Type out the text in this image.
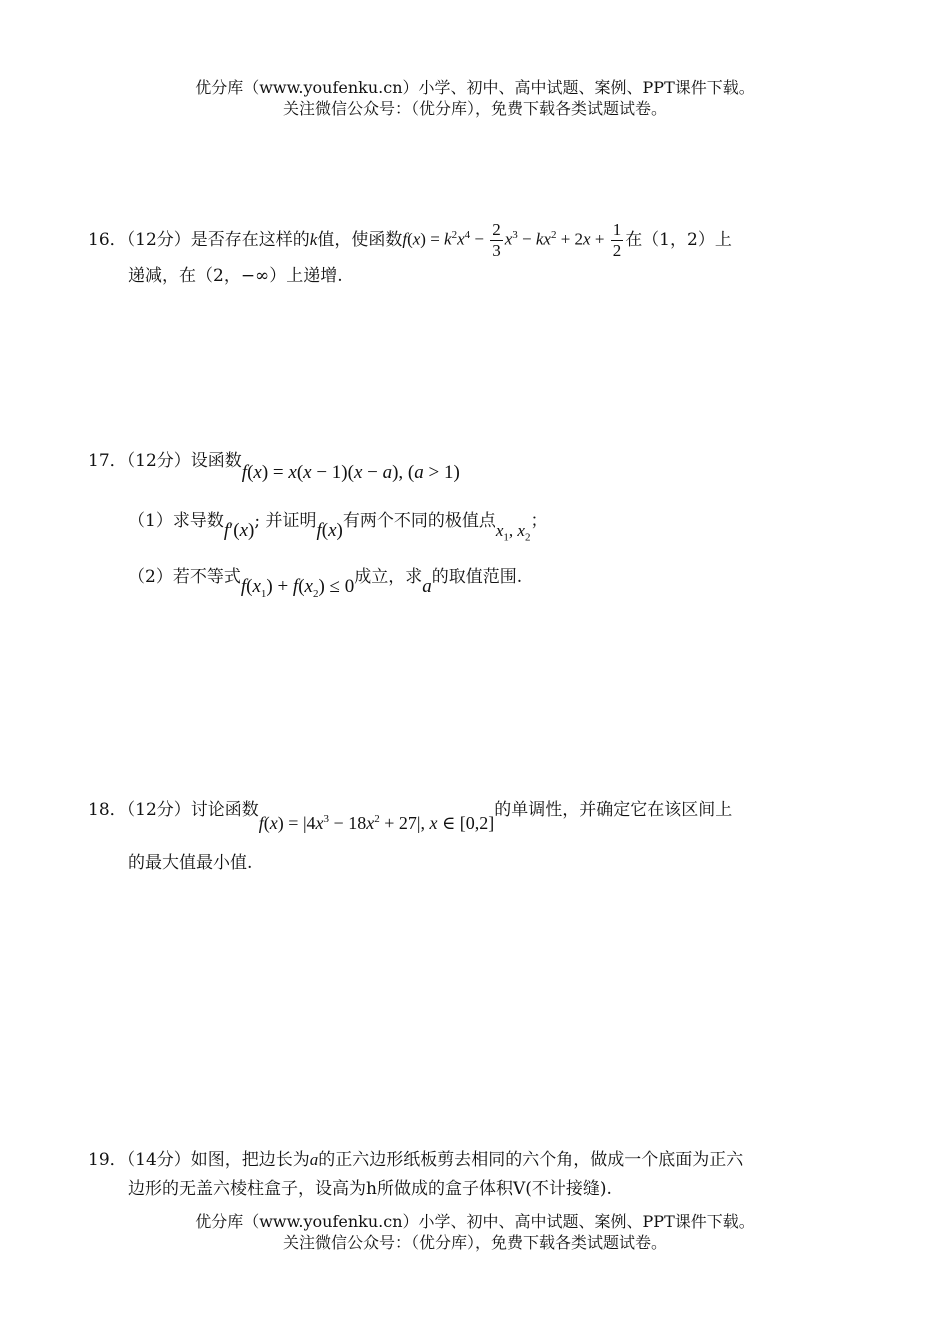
优分库（www.youfenku.cn）小学、初中、高中试题、案例、PPT课件下载。
关注微信公众号：（优分库），免费下载各类试题试卷。
16．（12分）是否存在这样的k值，使函数$f(x) = k^2x^4 - \frac{2}{3} x^3 - kx^2 + 2x + \frac{1}{2}$ 在（1，2）上
递减，在（2，−∞）上递增.
17．（12分）设函数f(x) = x(x − 1)(x − a), (a > 1)
（1）求导数f′(x); 并证明f(x)有两个不同的极值点$x_1$, $x_2$；
（2）若不等式$f(x_1) + f(x_2) \le 0$成立，求a的取值范围.
18．（12分）讨论函数$f(x) = |4x^3 - 18x^2 + 27|$, x ∈ [0,2]的单调性，并确定它在该区间上
的最大值最小值.
19．（14分）如图，把边长为a的正六边形纸板剪去相同的六个角，做成一个底面为正六
边形的无盖六棱柱盒子，设高为h所做成的盒子体积V(不计接缝).
优分库（www.youfenku.cn）小学、初中、高中试题、案例、PPT课件下载。
关注微信公众号：（优分库），免费下载各类试题试卷。
